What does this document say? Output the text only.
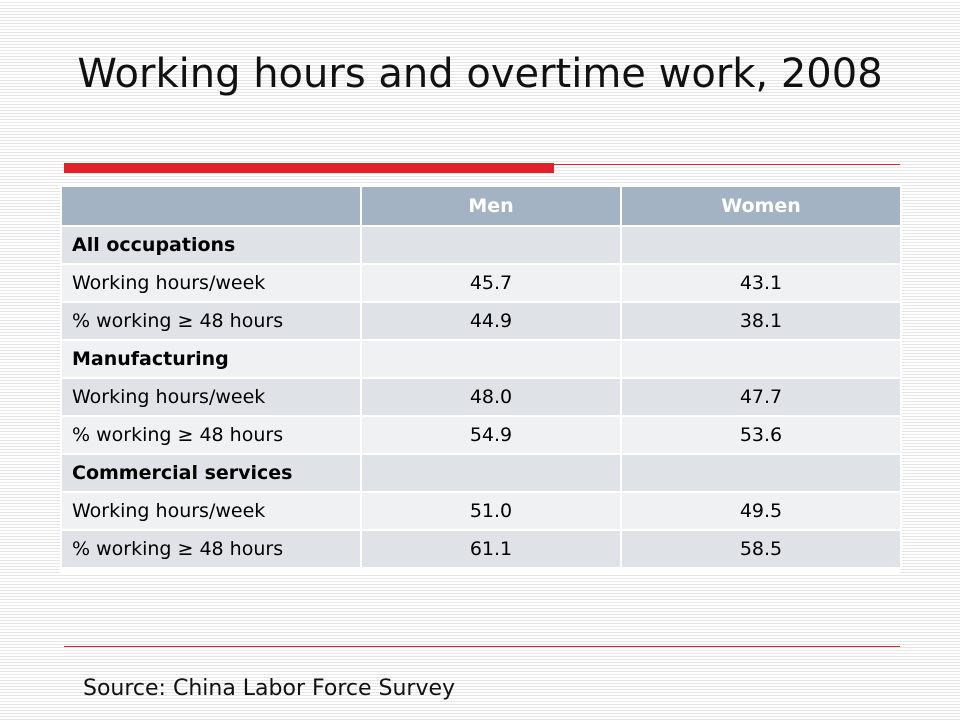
Working hours and overtime work, 2008
	Men	Women
All occupations		
Working hours/week	45.7	43.1
% working ≥ 48 hours	44.9	38.1
Manufacturing		
Working hours/week	48.0	47.7
% working ≥ 48 hours	54.9	53.6
Commercial services		
Working hours/week	51.0	49.5
% working ≥ 48 hours	61.1	58.5
Source: China Labor Force Survey
